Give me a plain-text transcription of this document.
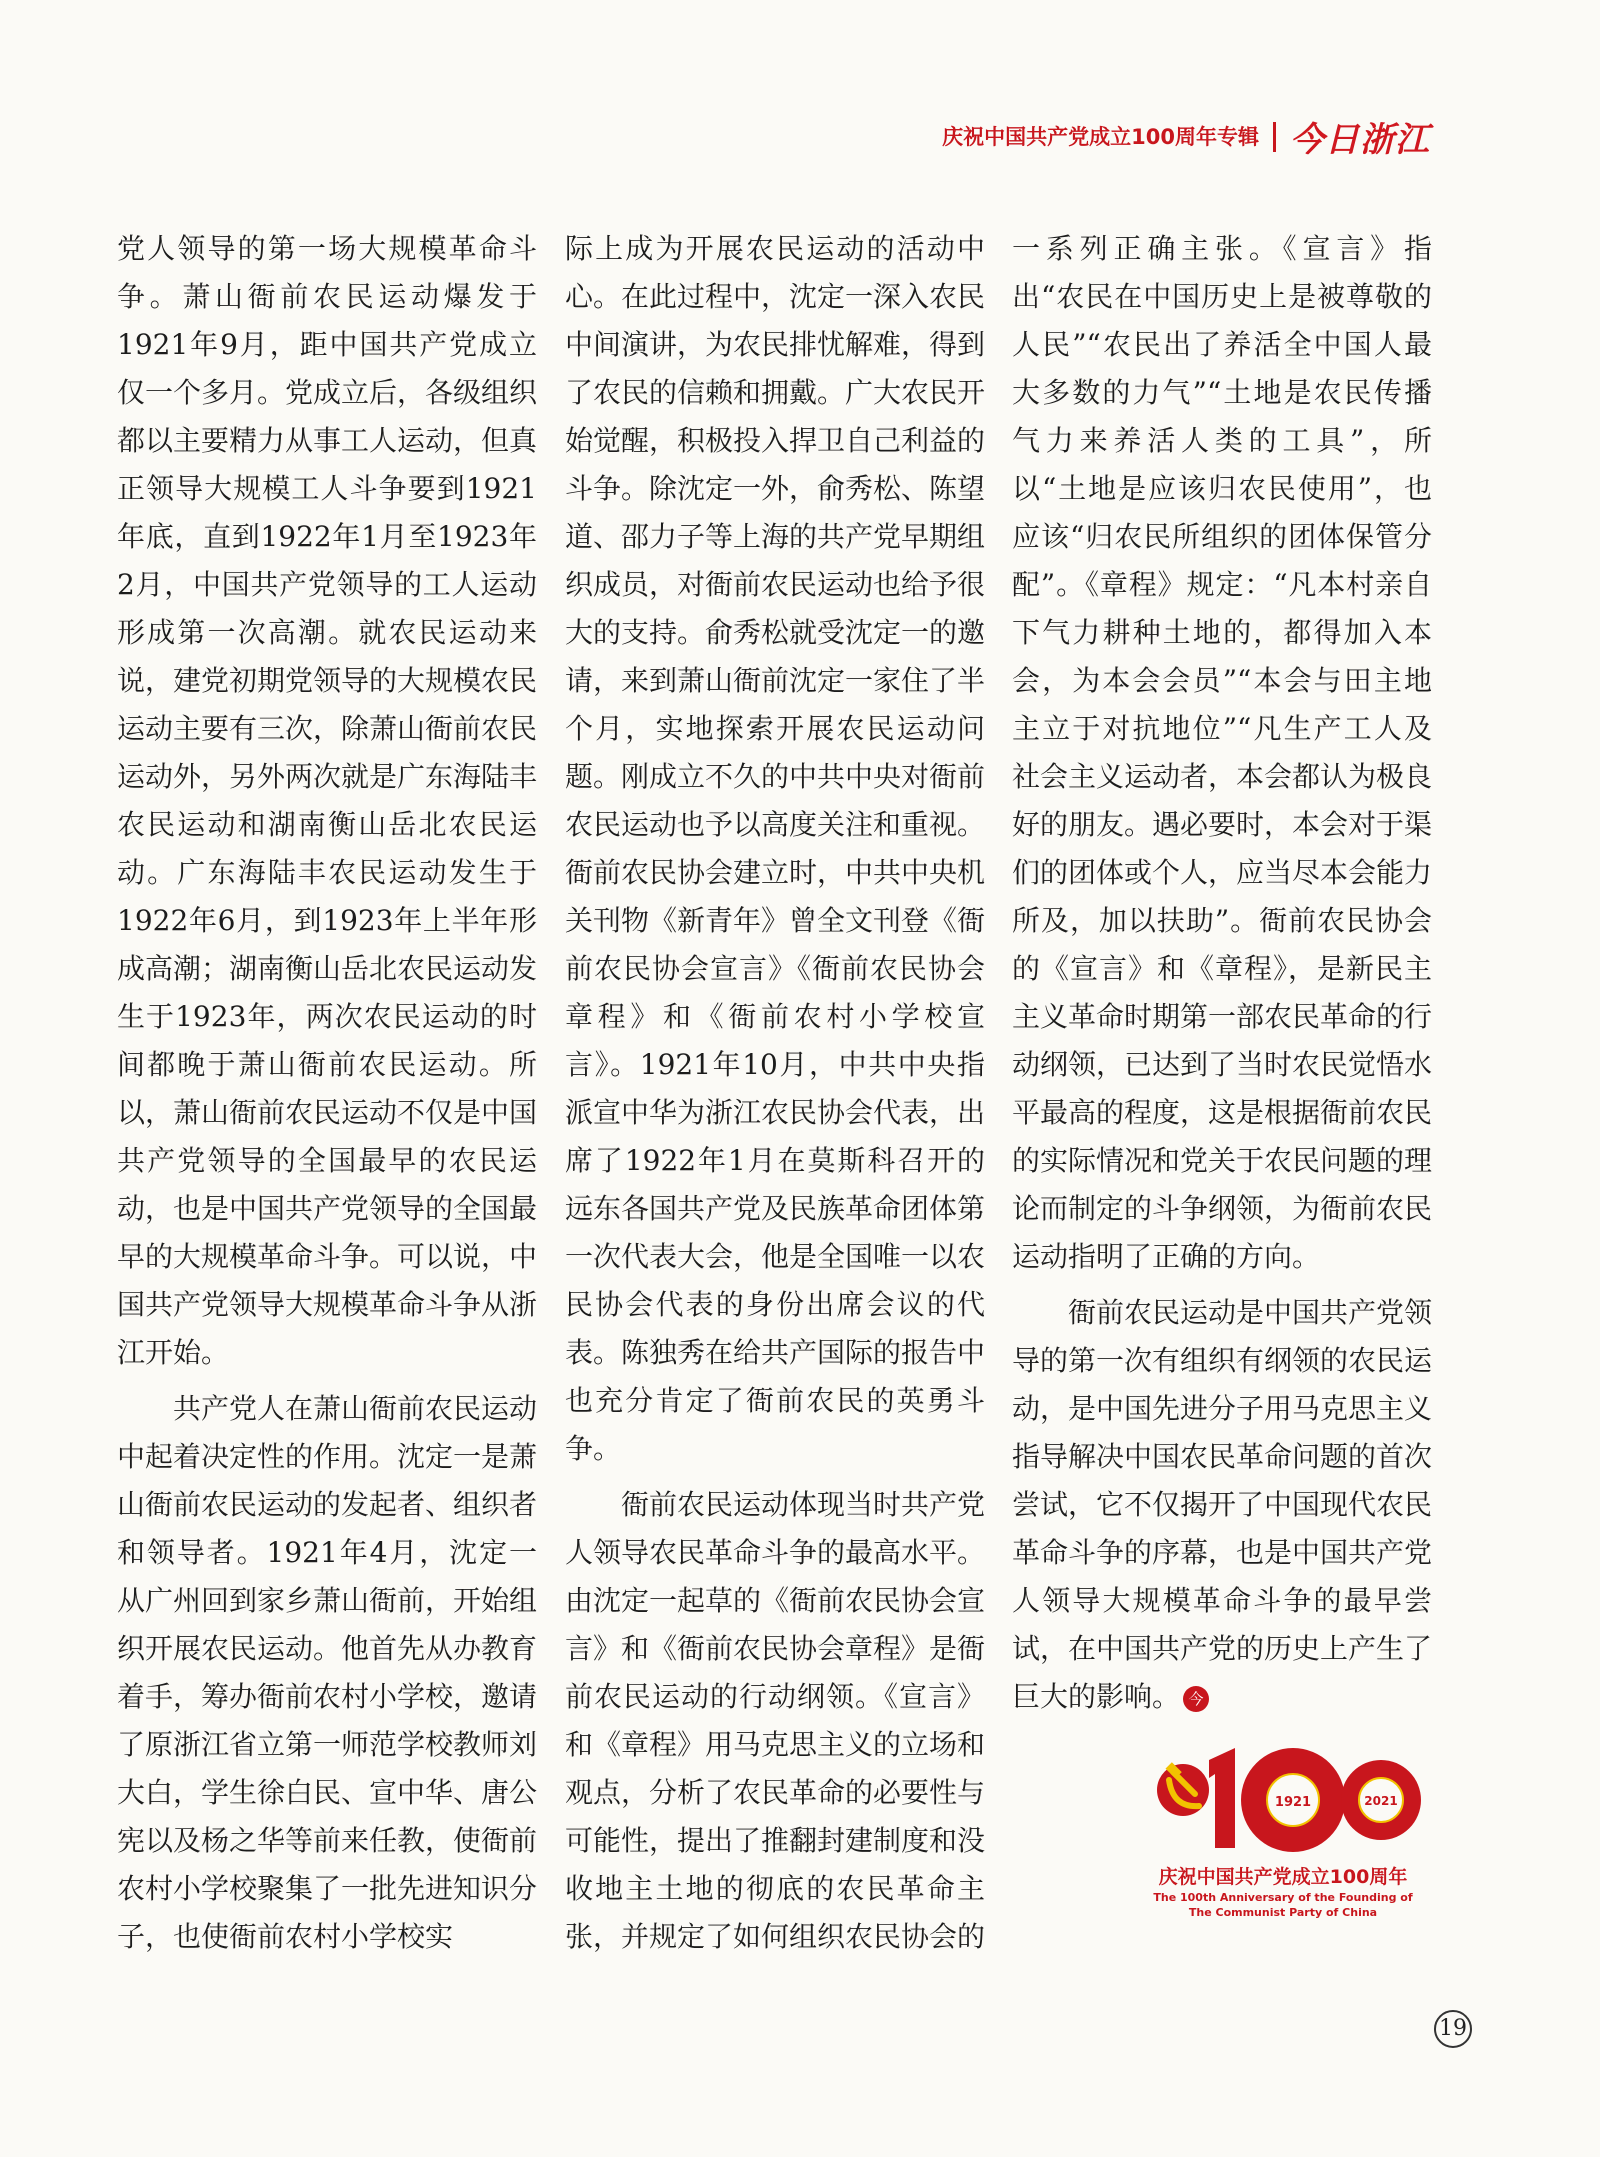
庆祝中国共产党成立100周年专辑 今日浙江

党人领导的第一场大规模革命斗争。萧山衙前农民运动爆发于1921年9月，距中国共产党成立仅一个多月。党成立后，各级组织都以主要精力从事工人运动，但真正领导大规模工人斗争要到1921年底，直到1922年1月至1923年2月，中国共产党领导的工人运动形成第一次高潮。就农民运动来说，建党初期党领导的大规模农民运动主要有三次，除萧山衙前农民运动外，另外两次就是广东海陆丰农民运动和湖南衡山岳北农民运动。广东海陆丰农民运动发生于1922年6月，到1923年上半年形成高潮；湖南衡山岳北农民运动发生于1923年，两次农民运动的时间都晚于萧山衙前农民运动。所以，萧山衙前农民运动不仅是中国共产党领导的全国最早的农民运动，也是中国共产党领导的全国最早的大规模革命斗争。可以说，中国共产党领导大规模革命斗争从浙江开始。

共产党人在萧山衙前农民运动中起着决定性的作用。沈定一是萧山衙前农民运动的发起者、组织者和领导者。1921年4月，沈定一从广州回到家乡萧山衙前，开始组织开展农民运动。他首先从办教育着手，筹办衙前农村小学校，邀请了原浙江省立第一师范学校教师刘大白，学生徐白民、宣中华、唐公宪以及杨之华等前来任教，使衙前农村小学校聚集了一批先进知识分子，也使衙前农村小学校实

际上成为开展农民运动的活动中心。在此过程中，沈定一深入农民中间演讲，为农民排忧解难，得到了农民的信赖和拥戴。广大农民开始觉醒，积极投入捍卫自己利益的斗争。除沈定一外，俞秀松、陈望道、邵力子等上海的共产党早期组织成员，对衙前农民运动也给予很大的支持。俞秀松就受沈定一的邀请，来到萧山衙前沈定一家住了半个月，实地探索开展农民运动问题。刚成立不久的中共中央对衙前农民运动也予以高度关注和重视。衙前农民协会建立时，中共中央机关刊物《新青年》曾全文刊登《衙前农民协会宣言》《衙前农民协会章程》和《衙前农村小学校宣言》。1921年10月，中共中央指派宣中华为浙江农民协会代表，出席了1922年1月在莫斯科召开的远东各国共产党及民族革命团体第一次代表大会，他是全国唯一以农民协会代表的身份出席会议的代表。陈独秀在给共产国际的报告中也充分肯定了衙前农民的英勇斗争。

衙前农民运动体现当时共产党人领导农民革命斗争的最高水平。由沈定一起草的《衙前农民协会宣言》和《衙前农民协会章程》是衙前农民运动的行动纲领。《宣言》和《章程》用马克思主义的立场和观点，分析了农民革命的必要性与可能性，提出了推翻封建制度和没收地主土地的彻底的农民革命主张，并规定了如何组织农民协会的

一系列正确主张。《宣言》指出“农民在中国历史上是被尊敬的人民”“农民出了养活全中国人最大多数的力气”“土地是农民传播气力来养活人类的工具”，所以“土地是应该归农民使用”，也应该“归农民所组织的团体保管分配”。《章程》规定：“凡本村亲自下气力耕种土地的，都得加入本会，为本会会员”“本会与田主地主立于对抗地位”“凡生产工人及社会主义运动者，本会都认为极良好的朋友。遇必要时，本会对于渠们的团体或个人，应当尽本会能力所及，加以扶助”。衙前农民协会的《宣言》和《章程》，是新民主主义革命时期第一部农民革命的行动纲领，已达到了当时农民觉悟水平最高的程度，这是根据衙前农民的实际情况和党关于农民问题的理论而制定的斗争纲领，为衙前农民运动指明了正确的方向。

衙前农民运动是中国共产党领导的第一次有组织有纲领的农民运动，是中国先进分子用马克思主义指导解决中国农民革命问题的首次尝试，它不仅揭开了中国现代农民革命斗争的序幕，也是中国共产党人领导大规模革命斗争的最早尝试，在中国共产党的历史上产生了巨大的影响。 今

1921	2021
庆祝中国共产党成立100周年
The 100th Anniversary of the Founding of
The Communist Party of China
19
